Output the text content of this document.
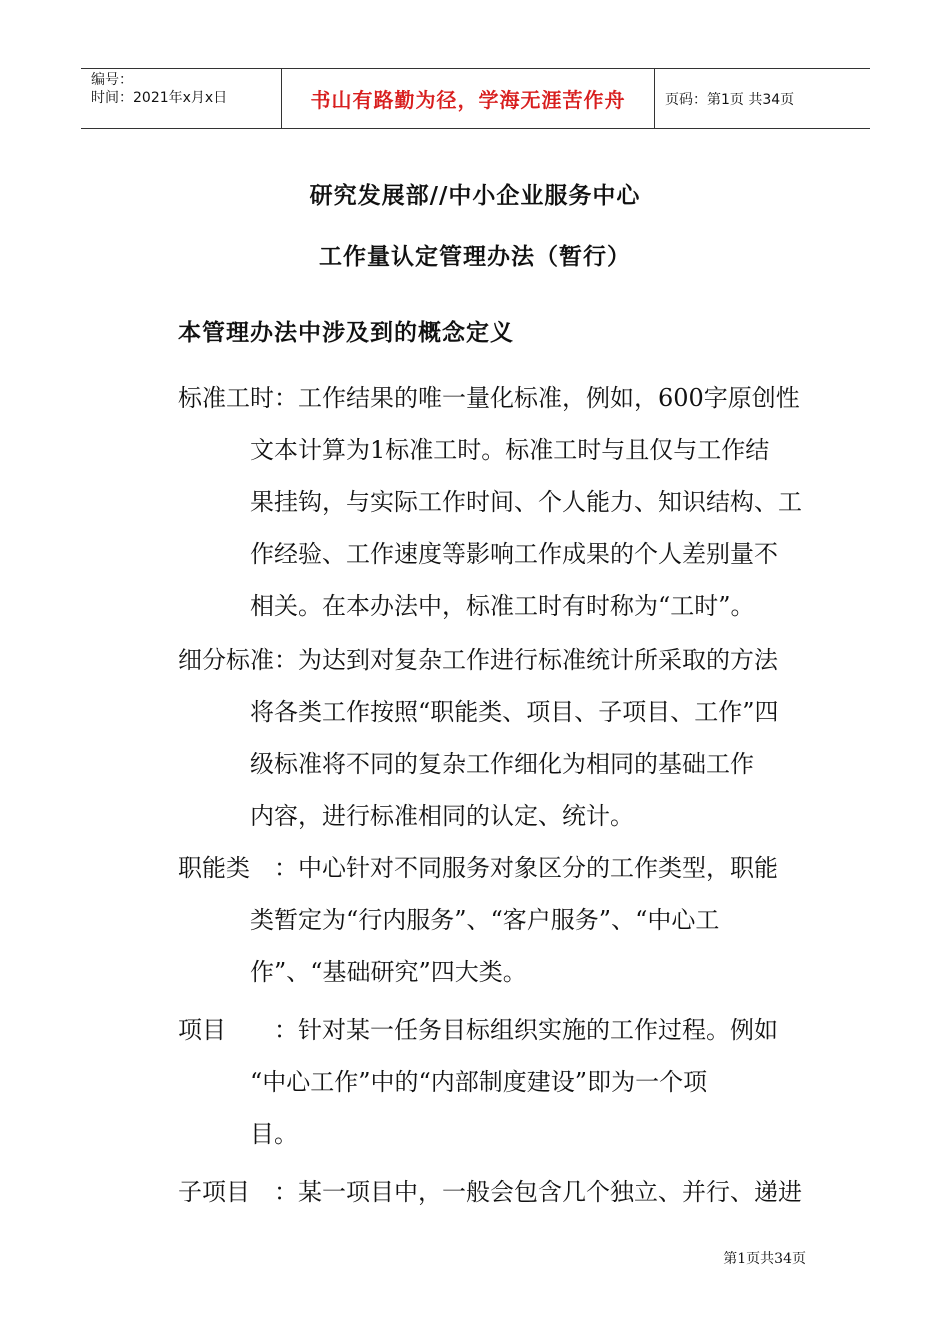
编号：
时间：2021年x月x日	书山有路勤为径，学海无涯苦作舟	页码：第1页 共34页
研究发展部//中小企业服务中心
工作量认定管理办法（暂行）
本管理办法中涉及到的概念定义
标准工时：工作结果的唯一量化标准，例如，600字原创性
文本计算为1标准工时。标准工时与且仅与工作结
果挂钩，与实际工作时间、个人能力、知识结构、工
作经验、工作速度等影响工作成果的个人差别量不
相关。在本办法中，标准工时有时称为“工时”。
细分标准：为达到对复杂工作进行标准统计所采取的方法
将各类工作按照“职能类、项目、子项目、工作”四
级标准将不同的复杂工作细化为相同的基础工作
内容，进行标准相同的认定、统计。
职能类　：中心针对不同服务对象区分的工作类型，职能
类暂定为“行内服务”、“客户服务”、“中心工
作”、“基础研究”四大类。
项目　　：针对某一任务目标组织实施的工作过程。例如
“中心工作”中的“内部制度建设”即为一个项
目。
子项目　：某一项目中，一般会包含几个独立、并行、递进
第1页共34页
